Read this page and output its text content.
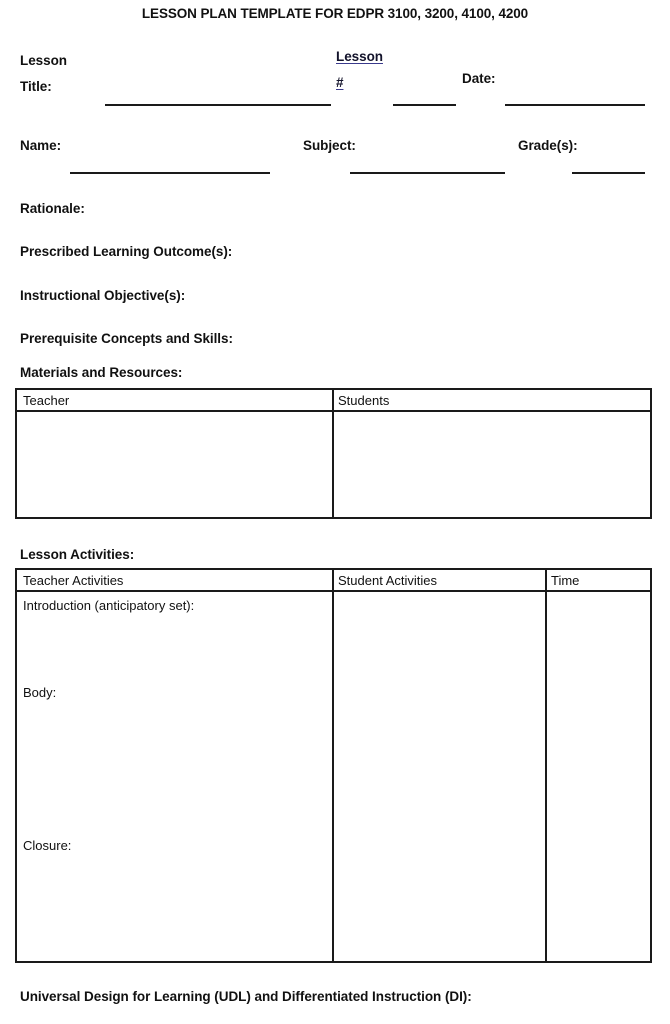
LESSON PLAN TEMPLATE FOR EDPR 3100, 3200, 4100, 4200
Lesson Title:
Lesson #	Date:
Name:	Subject:	Grade(s):
Rationale:
Prescribed Learning Outcome(s):
Instructional Objective(s):
Prerequisite Concepts and Skills:
Materials and Resources:
Teacher	Students
Lesson Activities:
Teacher Activities	Student Activities	Time
Introduction (anticipatory set):
Body:
Closure:
Universal Design for Learning (UDL) and Differentiated Instruction (DI):
